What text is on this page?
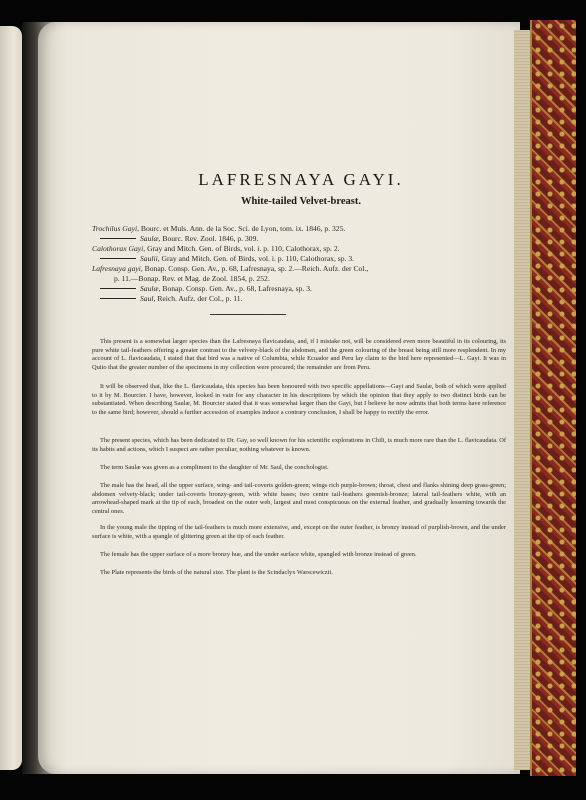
LAFRESNAYA GAYI.
White-tailed Velvet-breast.
Trochilus Gayi, Bourc. et Muls. Ann. de la Soc. Sci. de Lyon, tom. ix. 1846, p. 325.
Saulæ, Bourc. Rev. Zool. 1846, p. 309.
Calothorax Gayi, Gray and Mitch. Gen. of Birds, vol. i. p. 110, Calothorax, sp. 2.
Saulii, Gray and Mitch. Gen. of Birds, vol. i. p. 110, Calothorax, sp. 3.
Lafresnaya gayi, Bonap. Consp. Gen. Av., p. 68, Lafresnaya, sp. 2.—Reich. Aufz. der Col.,
p. 11.—Bonap. Rev. et Mag. de Zool. 1854, p. 252.
Saulæ, Bonap. Consp. Gen. Av., p. 68, Lafresnaya, sp. 3.
Saul, Reich. Aufz. der Col., p. 11.

This present is a somewhat larger species than the Lafresnaya flavicaudata, and, if I mistake not, will be considered even more beautiful in its colouring, its pure white tail-feathers offering a greater contrast to the velvety-black of the abdomen, and the green colouring of the breast being still more resplendent. In my account of L. flavicaudata, I stated that that bird was a native of Columbia, while Ecuador and Peru lay claim to the bird here represented—L. Gayi. It was in Quito that the greater number of the specimens in my collection were procured; the remainder are from Peru.

It will be observed that, like the L. flavicaudata, this species has been honoured with two specific appellations—Gayi and Saulæ, both of which were applied to it by M. Bourcier. I have, however, looked in vain for any character in his descriptions by which the opinion that they apply to two distinct birds can be substantiated. When describing Saulæ, M. Bourcier stated that it was somewhat larger than the Gayi, but I believe he now admits that both terms have reference to the same bird; however, should a further accession of examples induce a contrary conclusion, I shall be happy to rectify the error.

The present species, which has been dedicated to Dr. Gay, so well known for his scientific explorations in Chili, is much more rare than the L. flavicaudata. Of its habits and actions, which I suspect are rather peculiar, nothing whatever is known.

The term Saulæ was given as a compliment to the daughter of Mr. Saul, the conchologist.

The male has the head, all the upper surface, wing- and tail-coverts golden-green; wings rich purple-brown; throat, chest and flanks shining deep grass-green; abdomen velvety-black; under tail-coverts bronzy-green, with white bases; two centre tail-feathers greenish-bronze; lateral tail-feathers white, with an arrowhead-shaped mark at the tip of each, broadest on the outer web, largest and most conspicuous on the external feather, and gradually lessening towards the central ones.

In the young male the tipping of the tail-feathers is much more extensive, and, except on the outer feather, is bronzy instead of purplish-brown, and the under surface is white, with a spangle of glittering green at the tip of each feather.

The female has the upper surface of a more bronzy hue, and the under surface white, spangled with bronze instead of green.

The Plate represents the birds of the natural size. The plant is the Scindaclyx Warscewiczii.
